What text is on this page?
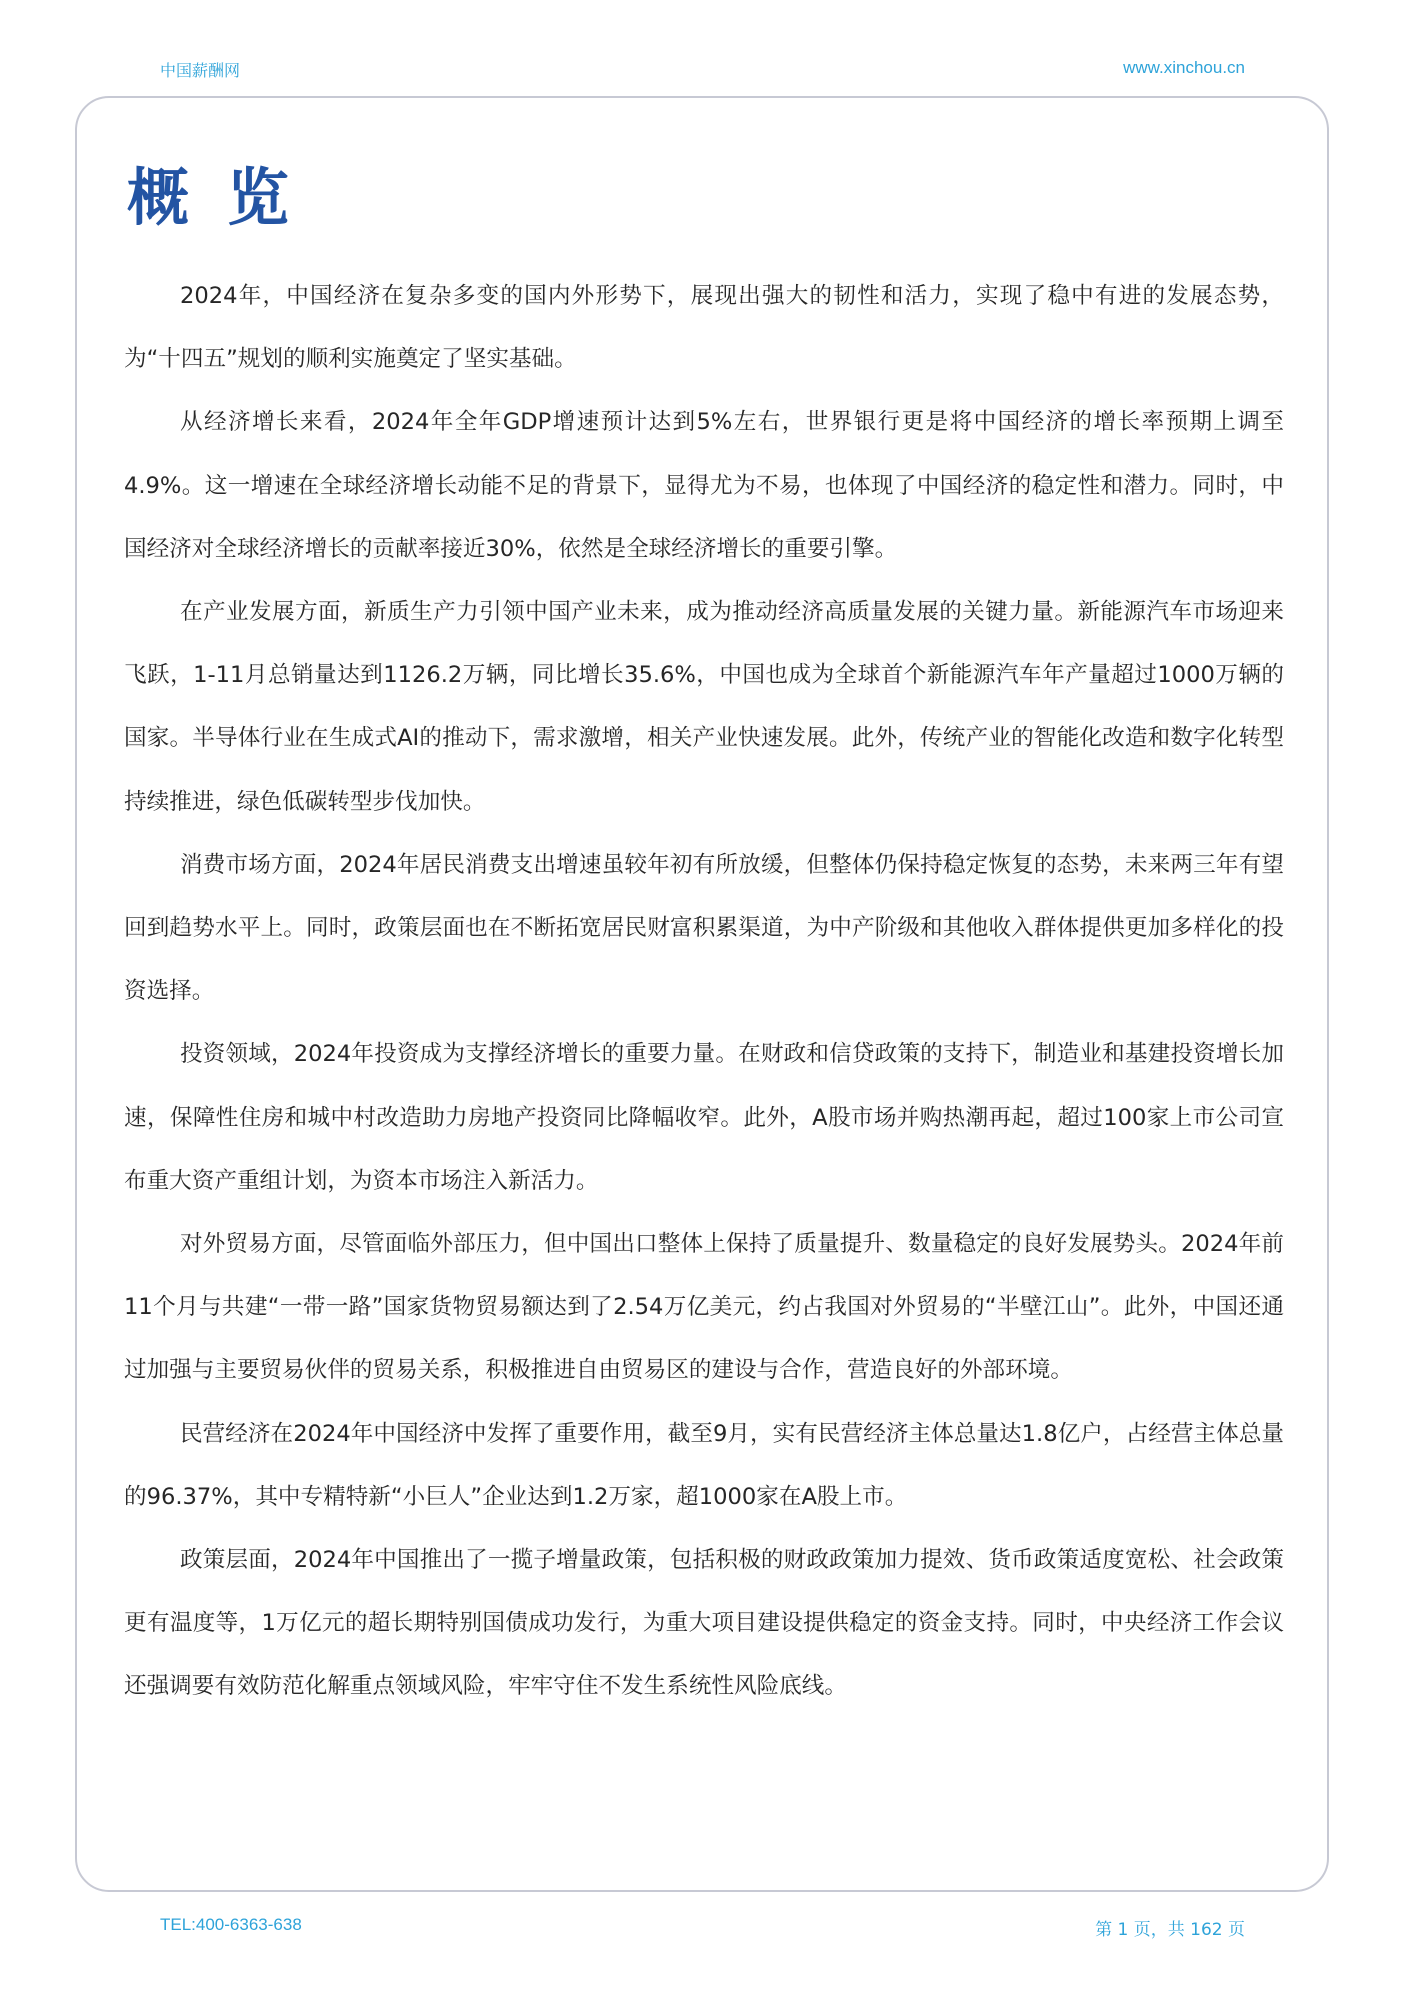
中国薪酬网	www.xinchou.cn
概览

2024年，中国经济在复杂多变的国内外形势下，展现出强大的韧性和活力，实现了稳中有进的发展态势，为“十四五”规划的顺利实施奠定了坚实基础。

从经济增长来看，2024年全年GDP增速预计达到5%左右，世界银行更是将中国经济的增长率预期上调至4.9%。这一增速在全球经济增长动能不足的背景下，显得尤为不易，也体现了中国经济的稳定性和潜力。同时，中国经济对全球经济增长的贡献率接近30%，依然是全球经济增长的重要引擎。

在产业发展方面，新质生产力引领中国产业未来，成为推动经济高质量发展的关键力量。新能源汽车市场迎来飞跃，1-11月总销量达到1126.2万辆，同比增长35.6%，中国也成为全球首个新能源汽车年产量超过1000万辆的国家。半导体行业在生成式AI的推动下，需求激增，相关产业快速发展。此外，传统产业的智能化改造和数字化转型持续推进，绿色低碳转型步伐加快。

消费市场方面，2024年居民消费支出增速虽较年初有所放缓，但整体仍保持稳定恢复的态势，未来两三年有望回到趋势水平上。同时，政策层面也在不断拓宽居民财富积累渠道，为中产阶级和其他收入群体提供更加多样化的投资选择。

投资领域，2024年投资成为支撑经济增长的重要力量。在财政和信贷政策的支持下，制造业和基建投资增长加速，保障性住房和城中村改造助力房地产投资同比降幅收窄。此外，A股市场并购热潮再起，超过100家上市公司宣布重大资产重组计划，为资本市场注入新活力。

对外贸易方面，尽管面临外部压力，但中国出口整体上保持了质量提升、数量稳定的良好发展势头。2024年前11个月与共建“一带一路”国家货物贸易额达到了2.54万亿美元，约占我国对外贸易的“半壁江山”。此外，中国还通过加强与主要贸易伙伴的贸易关系，积极推进自由贸易区的建设与合作，营造良好的外部环境。

民营经济在2024年中国经济中发挥了重要作用，截至9月，实有民营经济主体总量达1.8亿户，占经营主体总量的96.37%，其中专精特新“小巨人”企业达到1.2万家，超1000家在A股上市。

政策层面，2024年中国推出了一揽子增量政策，包括积极的财政政策加力提效、货币政策适度宽松、社会政策更有温度等，1万亿元的超长期特别国债成功发行，为重大项目建设提供稳定的资金支持。同时，中央经济工作会议还强调要有效防范化解重点领域风险，牢牢守住不发生系统性风险底线。

TEL:400-6363-638	第 1 页，共 162 页
